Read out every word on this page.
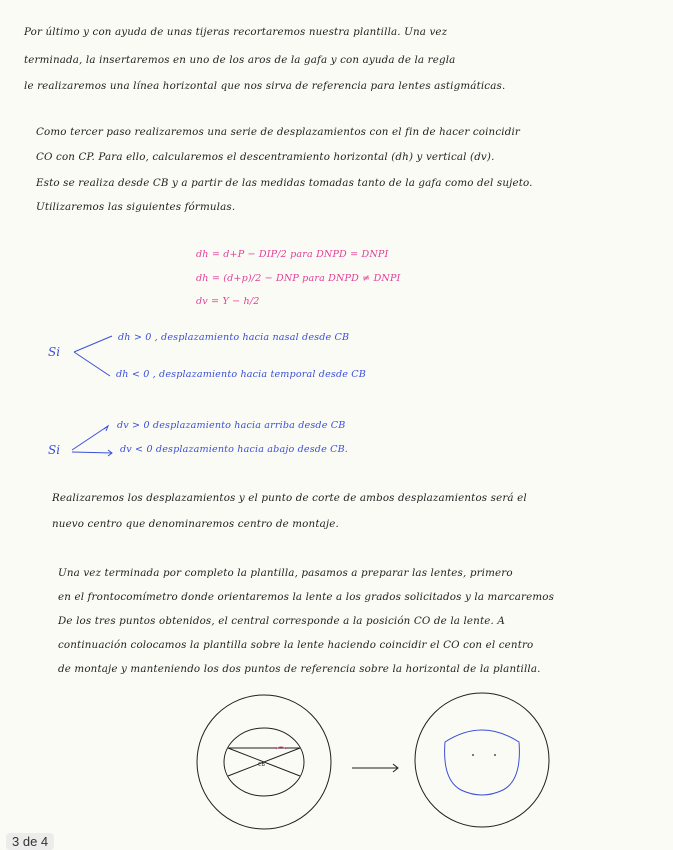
Por último y con ayuda de unas tijeras recortaremos nuestra plantilla. Una vez
terminada, la insertaremos en uno de los aros de la gafa y con ayuda de la regla
le realizaremos una línea horizontal que nos sirva de referencia para lentes astigmáticas.
Como tercer paso realizaremos una serie de desplazamientos con el fin de hacer coincidir
CO con CP. Para ello, calcularemos el descentramiento horizontal (dh) y vertical (dv).
Esto se realiza desde CB y a partir de las medidas tomadas tanto de la gafa como del sujeto.
Utilizaremos las siguientes fórmulas.
dh = d+P − DIP/2 para DNPD = DNPI
dh = (d+p)/2 − DNP para DNPD ≠ DNPI
dv = Y − h/2
Si
dh > 0 , desplazamiento hacia nasal desde CB
dh < 0 , desplazamiento hacia temporal desde CB
Si
dv > 0 desplazamiento hacia arriba desde CB
dv < 0 desplazamiento hacia abajo desde CB.
Realizaremos los desplazamientos y el punto de corte de ambos desplazamientos será el
nuevo centro que denominaremos centro de montaje.
Una vez terminada por completo la plantilla, pasamos a preparar las lentes, primero
en el frontocomímetro donde orientaremos la lente a los grados solicitados y la marcaremos
De los tres puntos obtenidos, el central corresponde a la posición CO de la lente. A
continuación colocamos la plantilla sobre la lente haciendo coincidir el CO con el centro
de montaje y manteniendo los dos puntos de referencia sobre la horizontal de la plantilla.
CB
3 de 4
